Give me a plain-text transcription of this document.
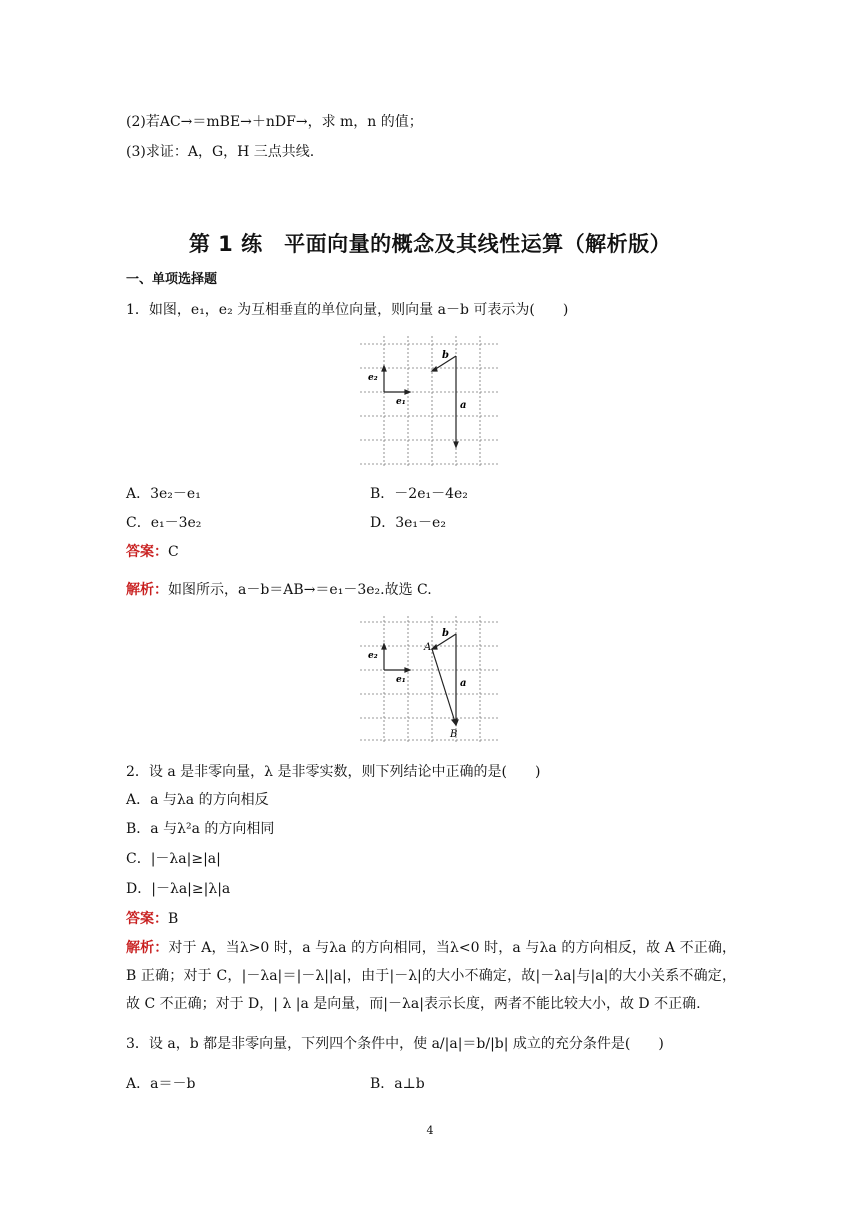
(2)若AC→＝mBE→＋nDF→，求 m，n 的值；
(3)求证：A，G，H 三点共线.
第 1 练　平面向量的概念及其线性运算（解析版）
一、单项选择题
1．如图，e₁，e₂ 为互相垂直的单位向量，则向量 a－b 可表示为(　　)
b
e₂
e₁	a
A．3e₂－e₁	B．－2e₁－4e₂
C．e₁－3e₂	D．3e₁－e₂
答案：C
解析：如图所示，a－b＝AB→＝e₁－3e₂.故选 C.
A
B
b
e₂
e₁	a
2．设 a 是非零向量，λ 是非零实数，则下列结论中正确的是(　　)
A．a 与λa 的方向相反
B．a 与λ²a 的方向相同
C．|－λa|≥|a|
D．|－λa|≥|λ|a
答案：B
解析：对于 A，当λ>0 时，a 与λa 的方向相同，当λ<0 时，a 与λa 的方向相反，故 A 不正确，B 正确；对于 C，|－λa|＝|－λ||a|，由于|－λ|的大小不确定，故|－λa|与|a|的大小关系不确定，故 C 不正确；对于 D，| λ |a 是向量，而|－λa|表示长度，两者不能比较大小，故 D 不正确.
3．设 a，b 都是非零向量，下列四个条件中，使 a/|a|＝b/|b| 成立的充分条件是(　　)
A．a＝－b	B．a⊥b
4
